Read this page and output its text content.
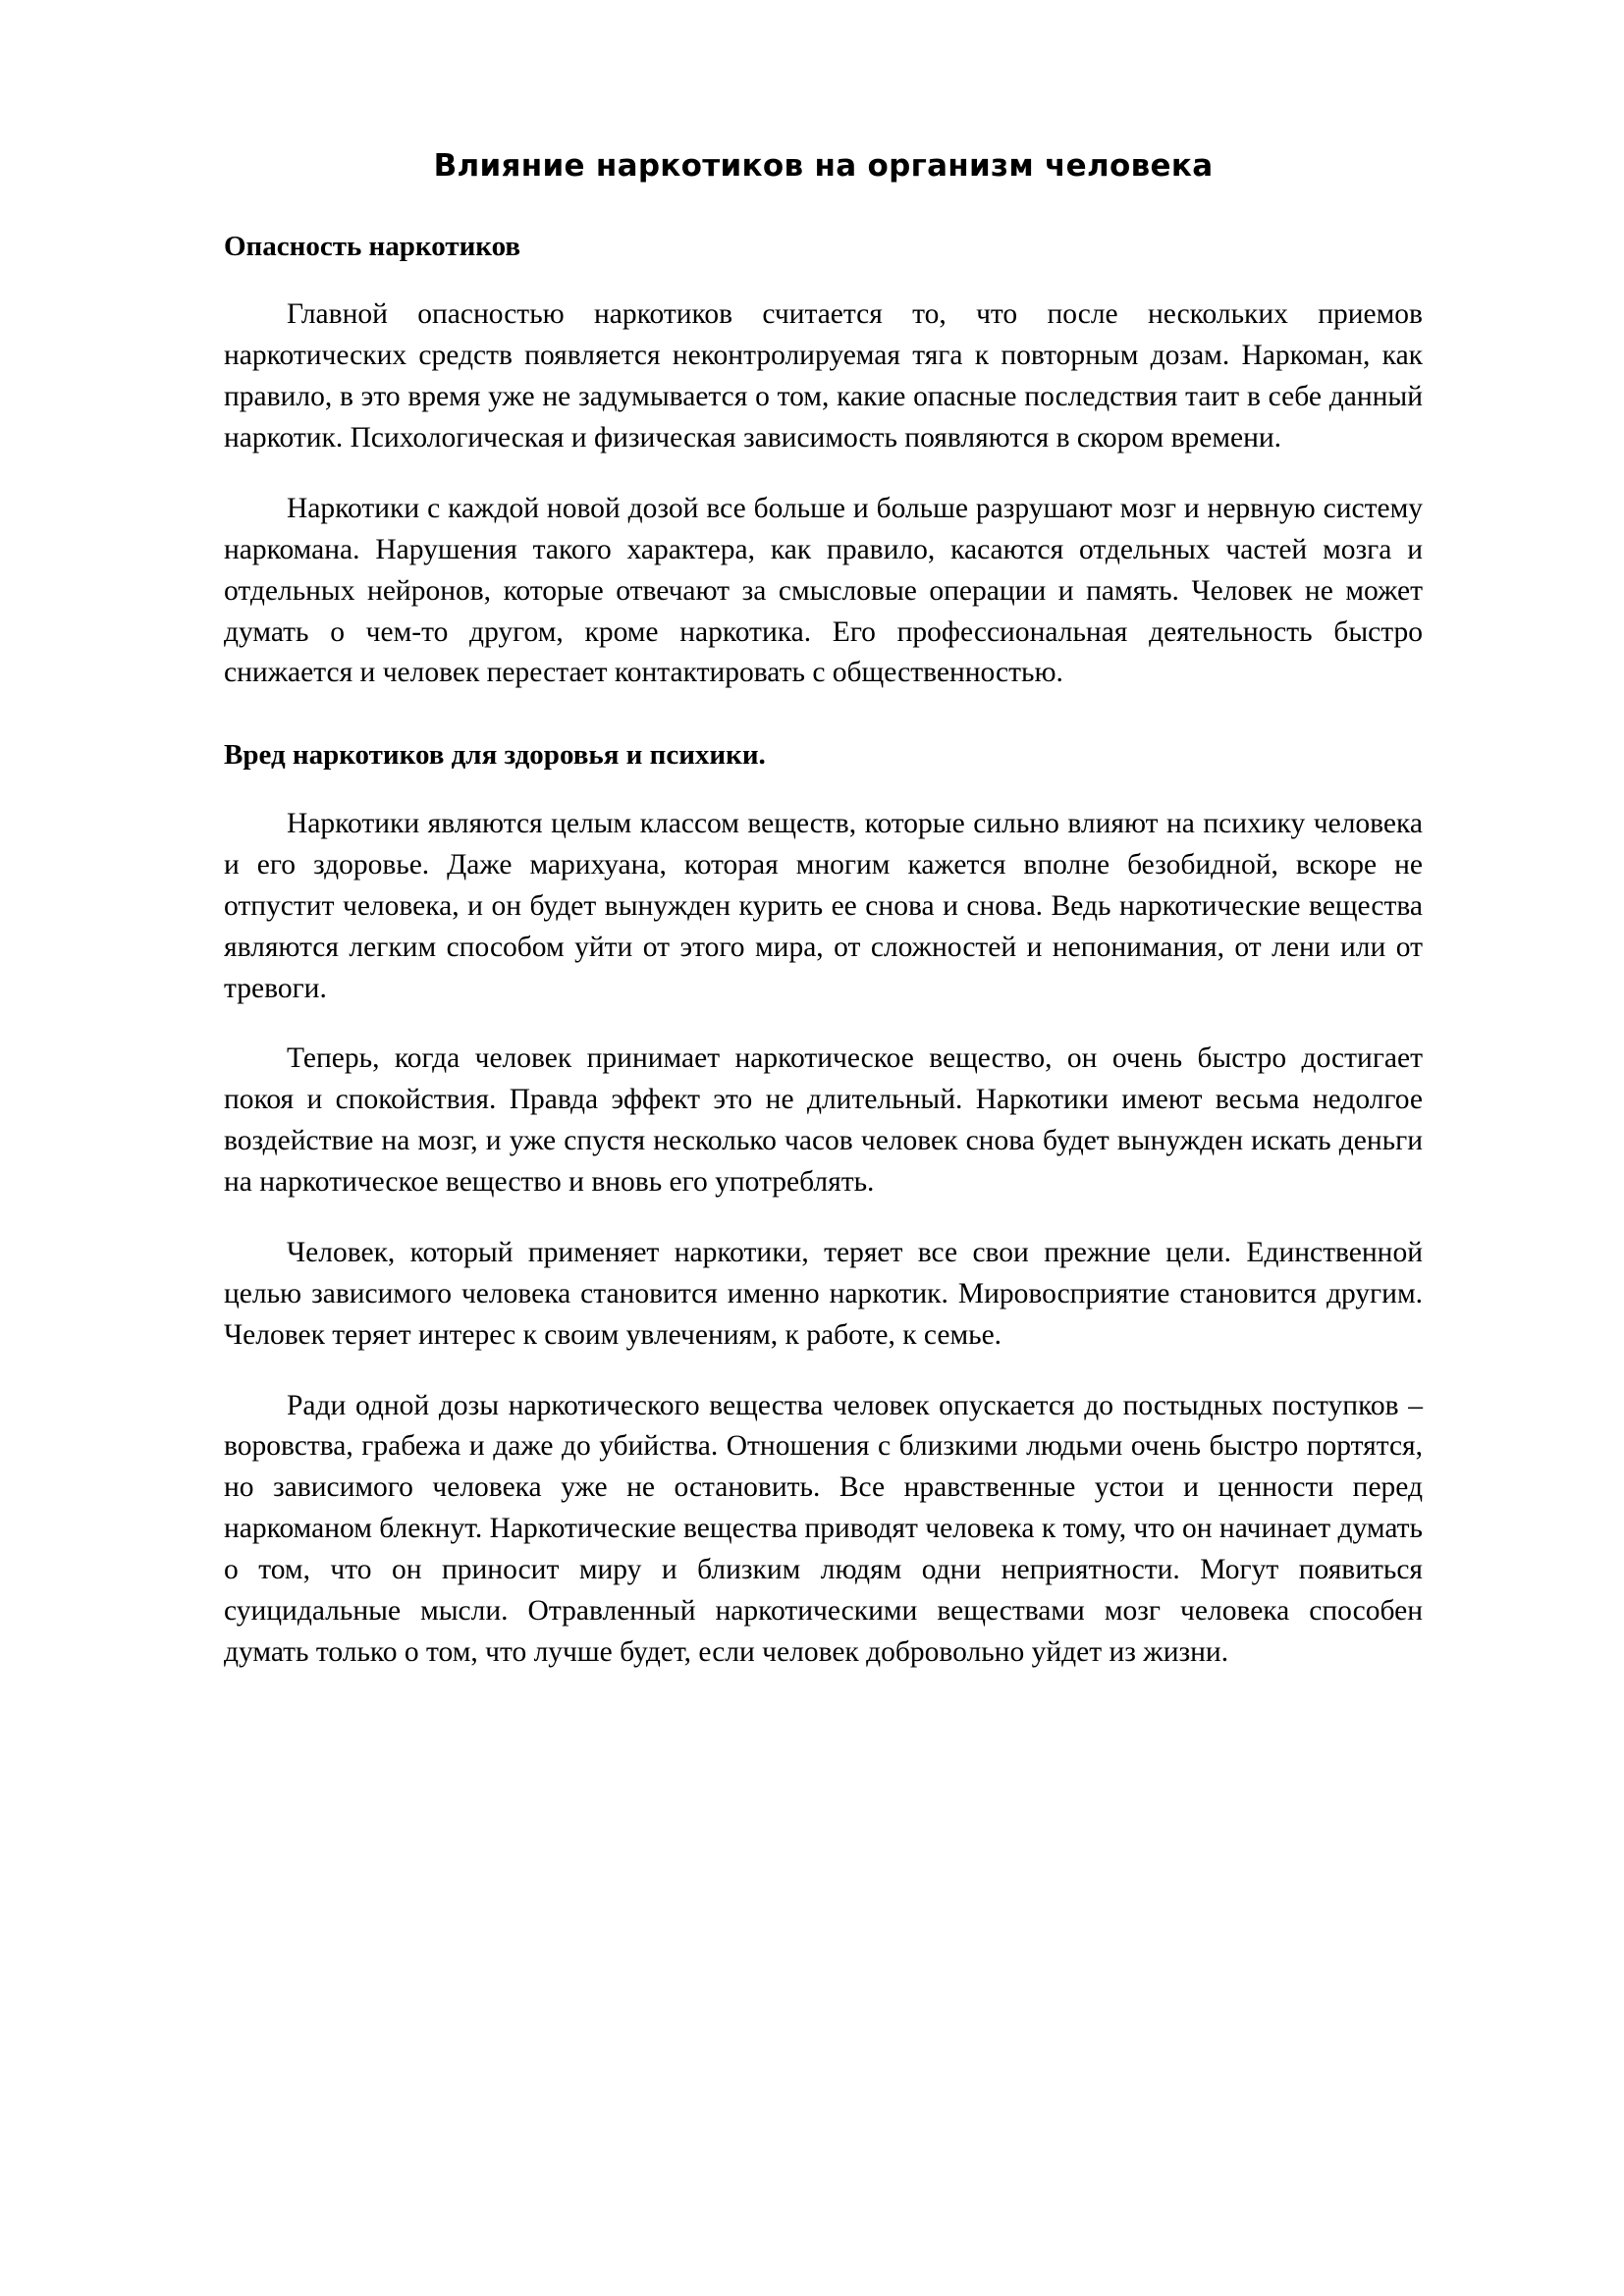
Влияние наркотиков на организм человека
Опасность наркотиков

Главной опасностью наркотиков считается то, что после нескольких приемов наркотических средств появляется неконтролируемая тяга к повторным дозам. Наркоман, как правило, в это время уже не задумывается о том, какие опасные последствия таит в себе данный наркотик. Психологическая и физическая зависимость появляются в скором времени.

Наркотики с каждой новой дозой все больше и больше разрушают мозг и нервную систему наркомана. Нарушения такого характера, как правило, касаются отдельных частей мозга и отдельных нейронов, которые отвечают за смысловые операции и память. Человек не может думать о чем-то другом, кроме наркотика. Его профессиональная деятельность быстро снижается и человек перестает контактировать с общественностью.

Вред наркотиков для здоровья и психики.

Наркотики являются целым классом веществ, которые сильно влияют на психику человека и его здоровье. Даже марихуана, которая многим кажется вполне безобидной, вскоре не отпустит человека, и он будет вынужден курить ее снова и снова. Ведь наркотические вещества являются легким способом уйти от этого мира, от сложностей и непонимания, от лени или от тревоги.

Теперь, когда человек принимает наркотическое вещество, он очень быстро достигает покоя и спокойствия. Правда эффект это не длительный. Наркотики имеют весьма недолгое воздействие на мозг, и уже спустя несколько часов человек снова будет вынужден искать деньги на наркотическое вещество и вновь его употреблять.

Человек, который применяет наркотики, теряет все свои прежние цели. Единственной целью зависимого человека становится именно наркотик. Мировосприятие становится другим. Человек теряет интерес к своим увлечениям, к работе, к семье.

Ради одной дозы наркотического вещества человек опускается до постыдных поступков – воровства, грабежа и даже до убийства. Отношения с близкими людьми очень быстро портятся, но зависимого человека уже не остановить. Все нравственные устои и ценности перед наркоманом блекнут. Наркотические вещества приводят человека к тому, что он начинает думать о том, что он приносит миру и близким людям одни неприятности. Могут появиться суицидальные мысли. Отравленный наркотическими веществами мозг человека способен думать только о том, что лучше будет, если человек добровольно уйдет из жизни.
